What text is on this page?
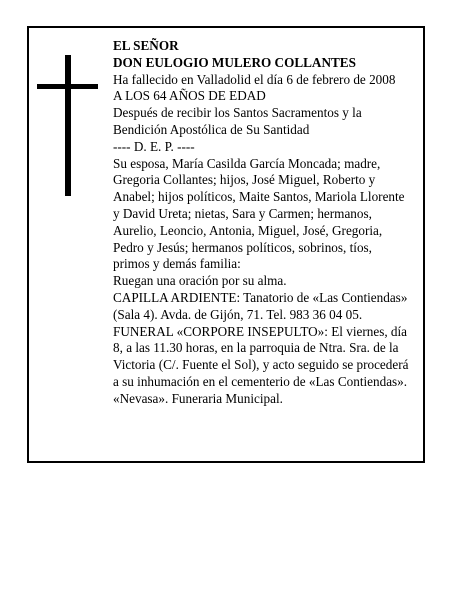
EL SEÑOR
DON EULOGIO MULERO COLLANTES
Ha fallecido en Valladolid el día 6 de febrero de 2008
A LOS 64 AÑOS DE EDAD
Después de recibir los Santos Sacramentos y la
Bendición Apostólica de Su Santidad
---- D. E. P. ----
Su esposa, María Casilda García Moncada; madre,
Gregoria Collantes; hijos, José Miguel, Roberto y
Anabel; hijos políticos, Maite Santos, Mariola Llorente
y David Ureta; nietas, Sara y Carmen; hermanos,
Aurelio, Leoncio, Antonia, Miguel, José, Gregoria,
Pedro y Jesús; hermanos políticos, sobrinos, tíos,
primos y demás familia:
Ruegan una oración por su alma.
CAPILLA ARDIENTE: Tanatorio de «Las Contiendas»
(Sala 4). Avda. de Gijón, 71. Tel. 983 36 04 05.
FUNERAL «CORPORE INSEPULTO»: El viernes, día
8, a las 11.30 horas, en la parroquia de Ntra. Sra. de la
Victoria (C/. Fuente el Sol), y acto seguido se procederá
a su inhumación en el cementerio de «Las Contiendas».
«Nevasa». Funeraria Municipal.
